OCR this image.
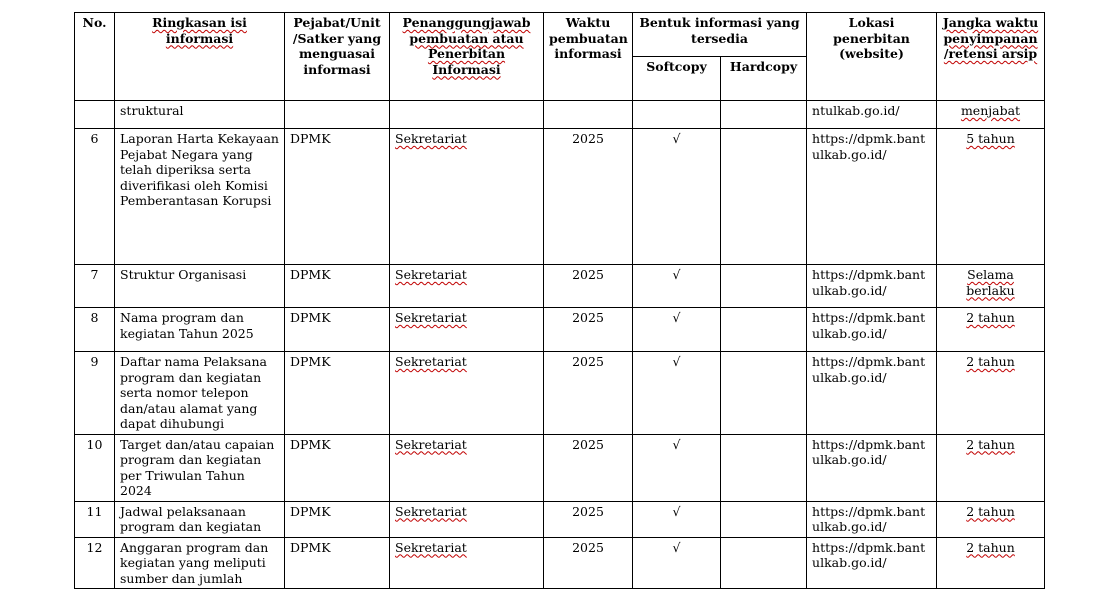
No.	Ringkasan isi informasi	Pejabat/Unit /Satker yang menguasai informasi	Penanggungjawab pembuatan atau Penerbitan Informasi	Waktu pembuatan informasi	Bentuk informasi yang tersedia		Lokasi penerbitan (website)	Jangka waktu penyimpanan /retensi arsip
					Softcopy	Hardcopy		
	struktural						ntulkab.go.id/	menjabat
6	Laporan Harta Kekayaan Pejabat Negara yang telah diperiksa serta diverifikasi oleh Komisi Pemberantasan Korupsi	DPMK	Sekretariat	2025	√		https://dpmk.bantulkab.go.id/	5 tahun
7	Struktur Organisasi	DPMK	Sekretariat	2025	√		https://dpmk.bantulkab.go.id/	Selama berlaku
8	Nama program dan kegiatan Tahun 2025	DPMK	Sekretariat	2025	√		https://dpmk.bantulkab.go.id/	2 tahun
9	Daftar nama Pelaksana program dan kegiatan serta nomor telepon dan/atau alamat yang dapat dihubungi	DPMK	Sekretariat	2025	√		https://dpmk.bantulkab.go.id/	2 tahun
10	Target dan/atau capaian program dan kegiatan per Triwulan Tahun 2024	DPMK	Sekretariat	2025	√		https://dpmk.bantulkab.go.id/	2 tahun
11	Jadwal pelaksanaan program dan kegiatan	DPMK	Sekretariat	2025	√		https://dpmk.bantulkab.go.id/	2 tahun
12	Anggaran program dan kegiatan yang meliputi sumber dan jumlah	DPMK	Sekretariat	2025	√		https://dpmk.bantulkab.go.id/	2 tahun
